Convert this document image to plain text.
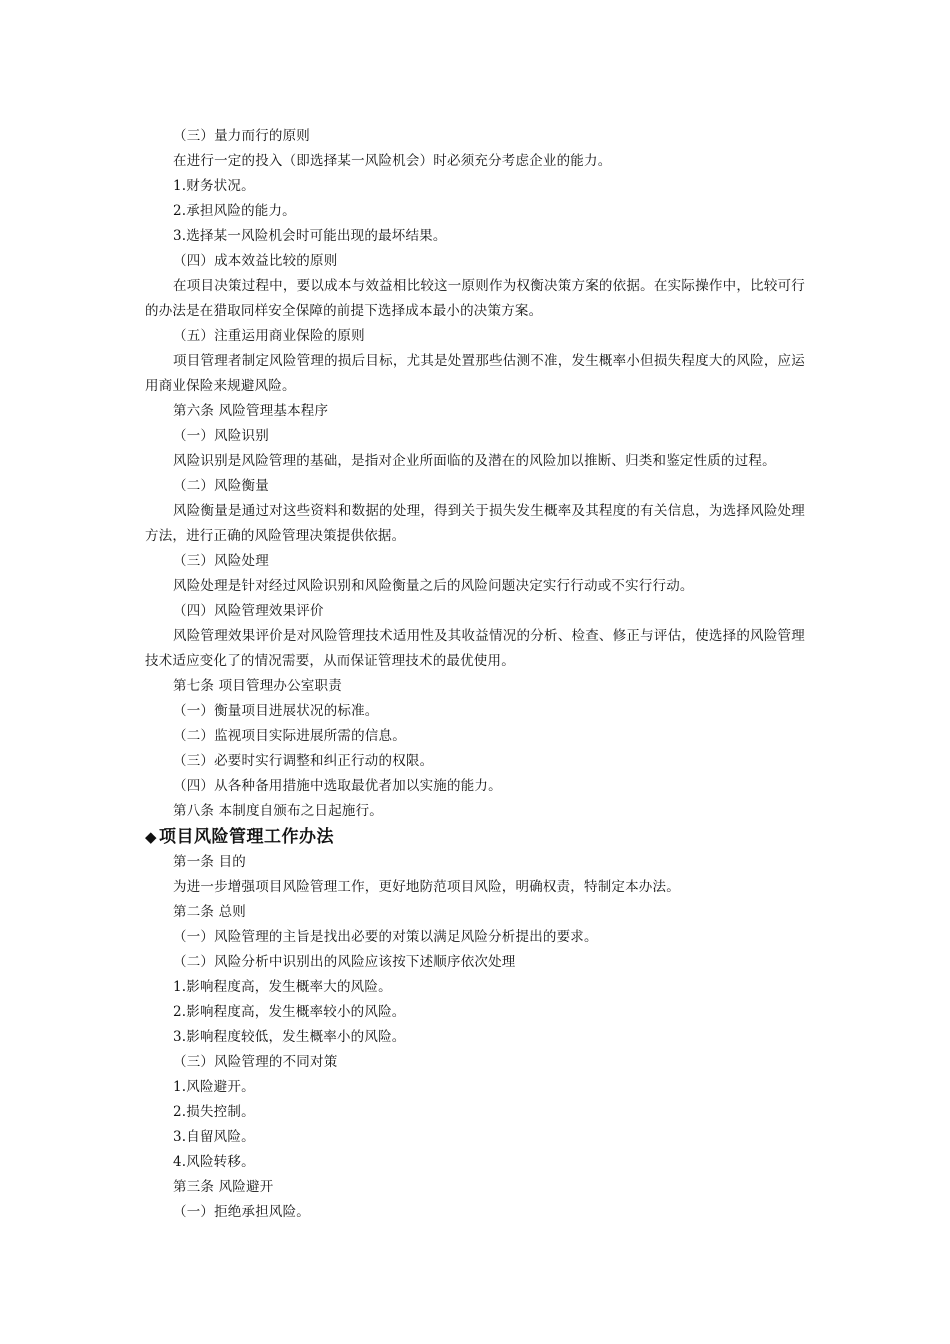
（三）量力而行的原则
在进行一定的投入（即选择某一风险机会）时必须充分考虑企业的能力。
1.财务状况。
2.承担风险的能力。
3.选择某一风险机会时可能出现的最坏结果。
（四）成本效益比较的原则
在项目决策过程中，要以成本与效益相比较这一原则作为权衡决策方案的依据。在实际操作中，比较可行的办法是在猎取同样安全保障的前提下选择成本最小的决策方案。
（五）注重运用商业保险的原则
项目管理者制定风险管理的损后目标，尤其是处置那些估测不准，发生概率小但损失程度大的风险，应运用商业保险来规避风险。
第六条 风险管理基本程序
（一）风险识别
风险识别是风险管理的基础，是指对企业所面临的及潜在的风险加以推断、归类和鉴定性质的过程。
（二）风险衡量
风险衡量是通过对这些资料和数据的处理，得到关于损失发生概率及其程度的有关信息，为选择风险处理方法，进行正确的风险管理决策提供依据。
（三）风险处理
风险处理是针对经过风险识别和风险衡量之后的风险问题决定实行行动或不实行行动。
（四）风险管理效果评价
风险管理效果评价是对风险管理技术适用性及其收益情况的分析、检查、修正与评估，使选择的风险管理技术适应变化了的情况需要，从而保证管理技术的最优使用。
第七条 项目管理办公室职责
（一）衡量项目进展状况的标准。
（二）监视项目实际进展所需的信息。
（三）必要时实行调整和纠正行动的权限。
（四）从各种备用措施中选取最优者加以实施的能力。
第八条 本制度自颁布之日起施行。
◆ 项目风险管理工作办法
第一条 目的
为进一步增强项目风险管理工作，更好地防范项目风险，明确权责，特制定本办法。
第二条 总则
（一）风险管理的主旨是找出必要的对策以满足风险分析提出的要求。
（二）风险分析中识别出的风险应该按下述顺序依次处理
1.影响程度高，发生概率大的风险。
2.影响程度高，发生概率较小的风险。
3.影响程度较低，发生概率小的风险。
（三）风险管理的不同对策
1.风险避开。
2.损失控制。
3.自留风险。
4.风险转移。
第三条 风险避开
（一）拒绝承担风险。
